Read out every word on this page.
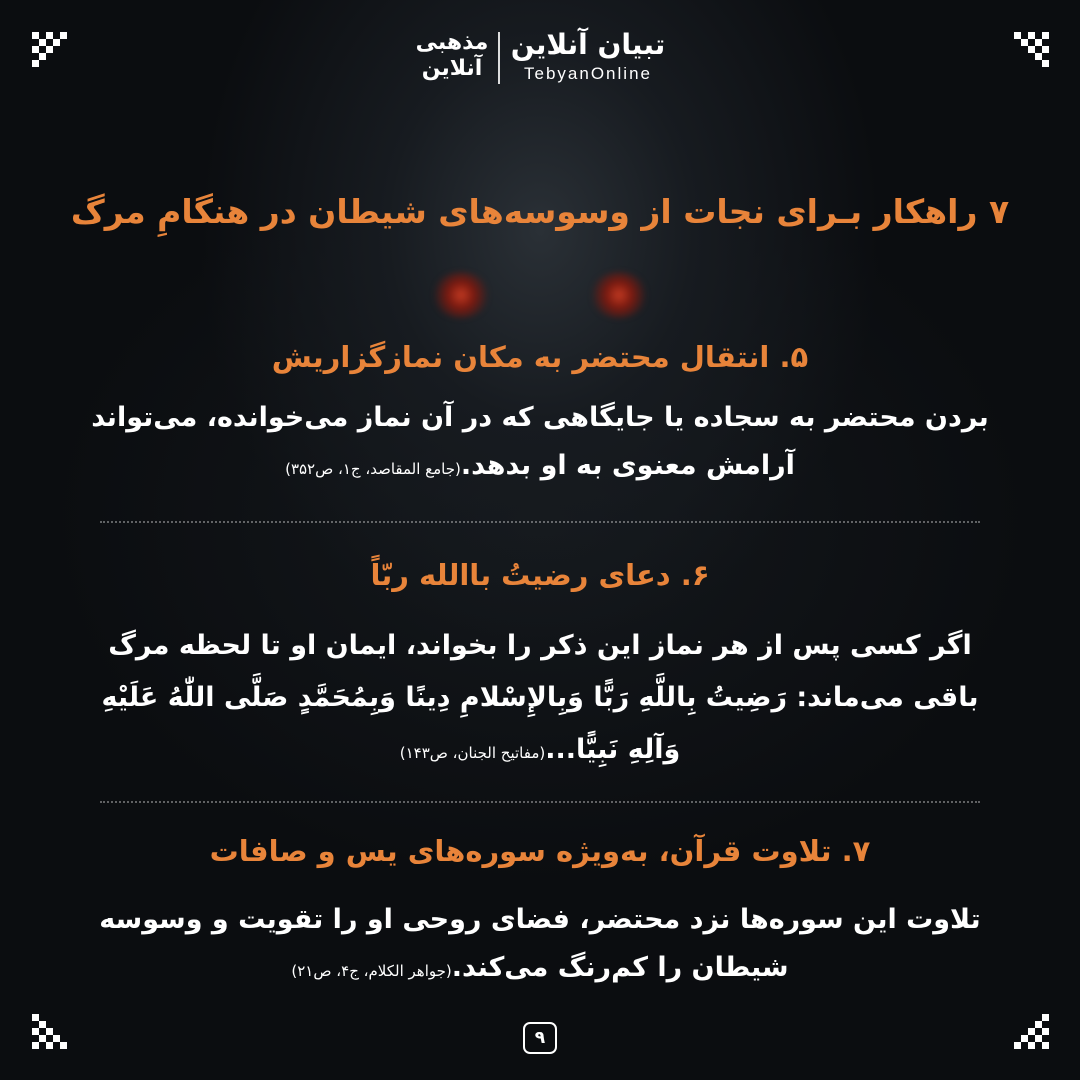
تبیان آنلاین
TebyanOnline
مذهبی
آنلاین
۷ راهکار بـرای نجات از وسوسه‌های شیطان در هنگامِ مرگ
۵. انتقال محتضر به مکان نمازگزاریش
بردن محتضر به سجاده یا جایگاهی که در آن نماز می‌خوانده، می‌تواند آرامش معنوی به او بدهد.(جامع المقاصد، ج۱، ص۳۵۲)
۶. دعای رضیتُ باالله ربّاً
اگر کسی پس از هر نماز این ذکر را بخواند، ایمان او تا لحظه مرگ باقی می‌ماند: رَضِيتُ بِاللَّهِ رَبًّا وَبِالإِسْلامِ دِينًا وَبِمُحَمَّدٍ صَلَّى اللّٰهُ عَلَيْهِ وَآلِهِ نَبِيًّا...(مفاتیح الجنان، ص۱۴۳)
۷. تلاوت قرآن، به‌ویژه سوره‌های یس و صافات
تلاوت این سوره‌ها نزد محتضر، فضای روحی او را تقویت و وسوسه شیطان را کم‌رنگ می‌کند.(جواهر الکلام، ج۴، ص۲۱)
۹
